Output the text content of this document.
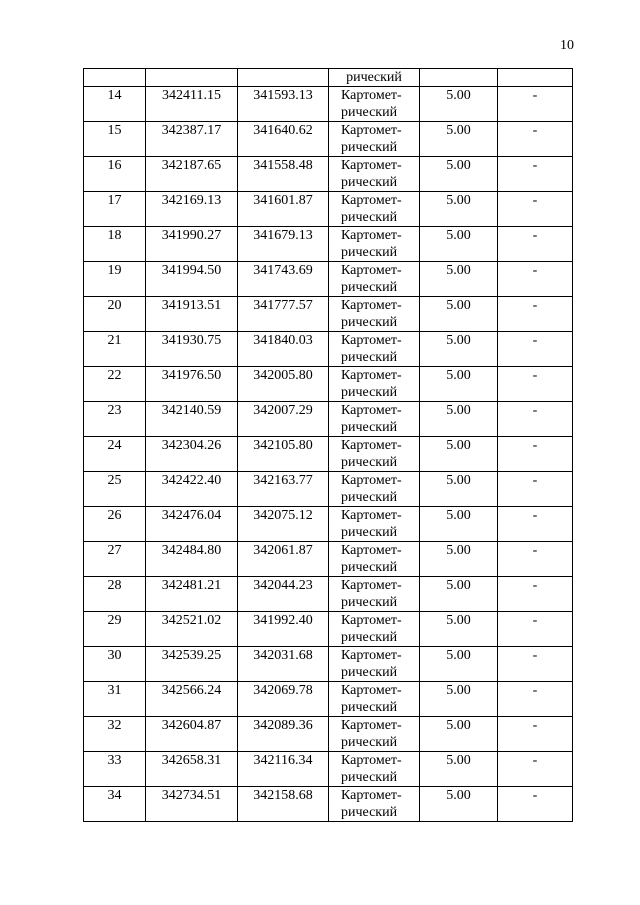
10
			ричеcкий		
14	342411.15	341593.13	Картомет-
рический	5.00	-
15	342387.17	341640.62	Картомет-
рический	5.00	-
16	342187.65	341558.48	Картомет-
рический	5.00	-
17	342169.13	341601.87	Картомет-
рический	5.00	-
18	341990.27	341679.13	Картомет-
рический	5.00	-
19	341994.50	341743.69	Картомет-
рический	5.00	-
20	341913.51	341777.57	Картомет-
рический	5.00	-
21	341930.75	341840.03	Картомет-
рический	5.00	-
22	341976.50	342005.80	Картомет-
рический	5.00	-
23	342140.59	342007.29	Картомет-
рический	5.00	-
24	342304.26	342105.80	Картомет-
рический	5.00	-
25	342422.40	342163.77	Картомет-
рический	5.00	-
26	342476.04	342075.12	Картомет-
рический	5.00	-
27	342484.80	342061.87	Картомет-
рический	5.00	-
28	342481.21	342044.23	Картомет-
рический	5.00	-
29	342521.02	341992.40	Картомет-
рический	5.00	-
30	342539.25	342031.68	Картомет-
рический	5.00	-
31	342566.24	342069.78	Картомет-
рический	5.00	-
32	342604.87	342089.36	Картомет-
рический	5.00	-
33	342658.31	342116.34	Картомет-
рический	5.00	-
34	342734.51	342158.68	Картомет-
рический	5.00	-
